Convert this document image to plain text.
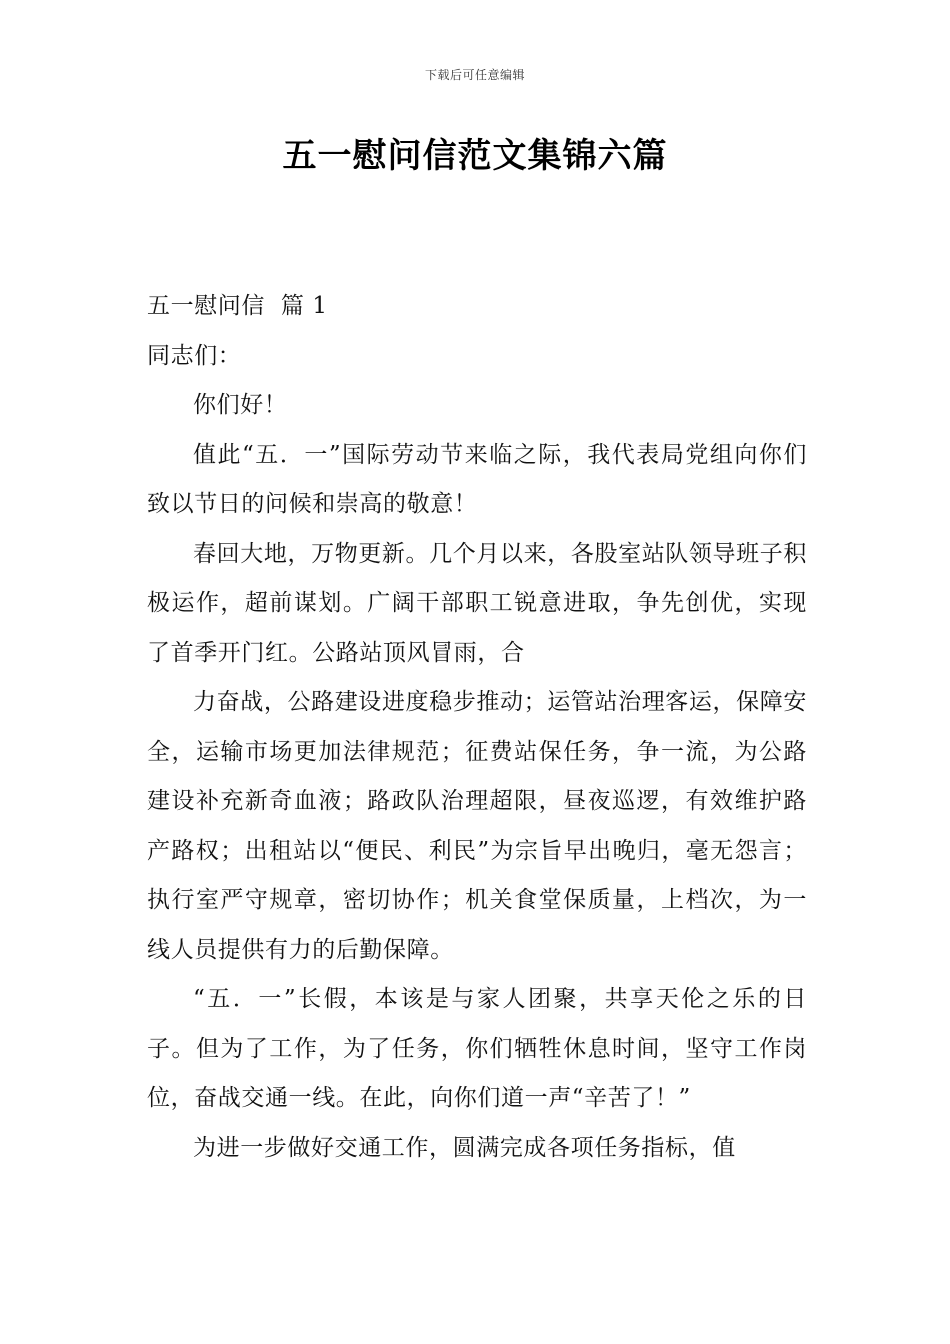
下载后可任意编辑
五一慰问信范文集锦六篇

五一慰问信  篇 1

同志们：

你们好！

值此“五．一”国际劳动节来临之际，我代表局党组向你们致以节日的问候和崇高的敬意！

春回大地，万物更新。几个月以来，各股室站队领导班子积极运作，超前谋划。广阔干部职工锐意进取，争先创优，实现了首季开门红。公路站顶风冒雨，合

力奋战，公路建设进度稳步推动；运管站治理客运，保障安全，运输市场更加法律规范；征费站保任务，争一流，为公路建设补充新奇血液；路政队治理超限，昼夜巡逻，有效维护路产路权；出租站以“便民、利民”为宗旨早出晚归，毫无怨言；执行室严守规章，密切协作；机关食堂保质量，上档次，为一线人员提供有力的后勤保障。

“五．一”长假，本该是与家人团聚，共享天伦之乐的日子。但为了工作，为了任务，你们牺牲休息时间，坚守工作岗位，奋战交通一线。在此，向你们道一声“辛苦了！”

为进一步做好交通工作，圆满完成各项任务指标，值
